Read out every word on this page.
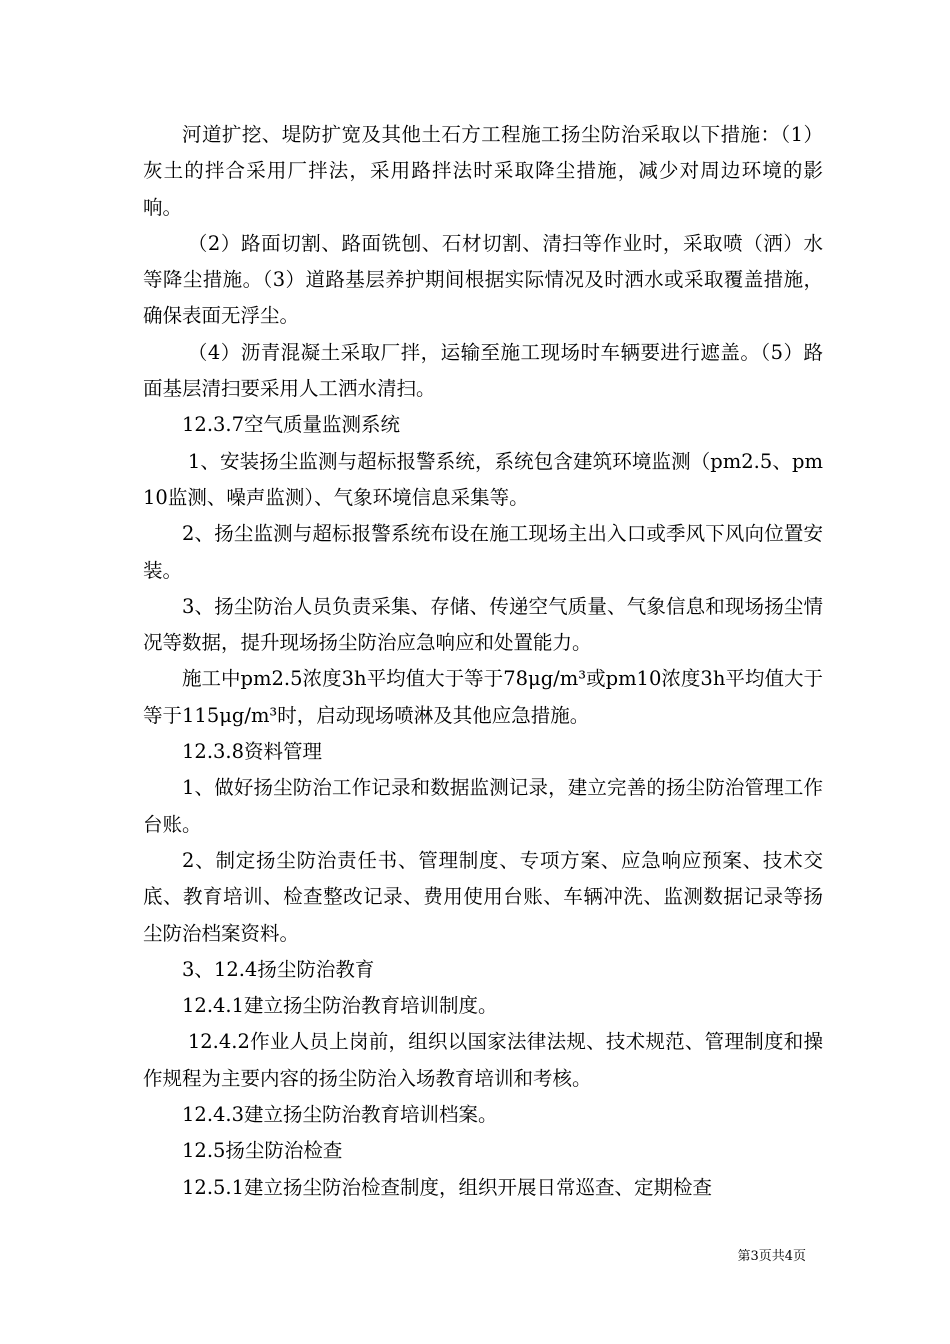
河道扩挖、堤防扩宽及其他土石方工程施工扬尘防治采取以下措施：（1）灰土的拌合采用厂拌法，采用路拌法时采取降尘措施，减少对周边环境的影响。

（2）路面切割、路面铣刨、石材切割、清扫等作业时，采取喷（洒）水等降尘措施。（3）道路基层养护期间根据实际情况及时洒水或采取覆盖措施，确保表面无浮尘。

（4）沥青混凝土采取厂拌，运输至施工现场时车辆要进行遮盖。（5）路面基层清扫要采用人工洒水清扫。

12.3.7空气质量监测系统

1、安装扬尘监测与超标报警系统，系统包含建筑环境监测（pm2.5、pm10监测、噪声监测）、气象环境信息采集等。

2、扬尘监测与超标报警系统布设在施工现场主出入口或季风下风向位置安装。

3、扬尘防治人员负责采集、存储、传递空气质量、气象信息和现场扬尘情况等数据，提升现场扬尘防治应急响应和处置能力。

施工中pm2.5浓度3h平均值大于等于78μg/m³或pm10浓度3h平均值大于等于115μg/m³时，启动现场喷淋及其他应急措施。

12.3.8资料管理

1、做好扬尘防治工作记录和数据监测记录，建立完善的扬尘防治管理工作台账。

2、制定扬尘防治责任书、管理制度、专项方案、应急响应预案、技术交底、教育培训、检查整改记录、费用使用台账、车辆冲洗、监测数据记录等扬尘防治档案资料。

3、12.4扬尘防治教育

12.4.1建立扬尘防治教育培训制度。

12.4.2作业人员上岗前，组织以国家法律法规、技术规范、管理制度和操作规程为主要内容的扬尘防治入场教育培训和考核。

12.4.3建立扬尘防治教育培训档案。

12.5扬尘防治检查

12.5.1建立扬尘防治检查制度，组织开展日常巡查、定期检查

第3页共4页
